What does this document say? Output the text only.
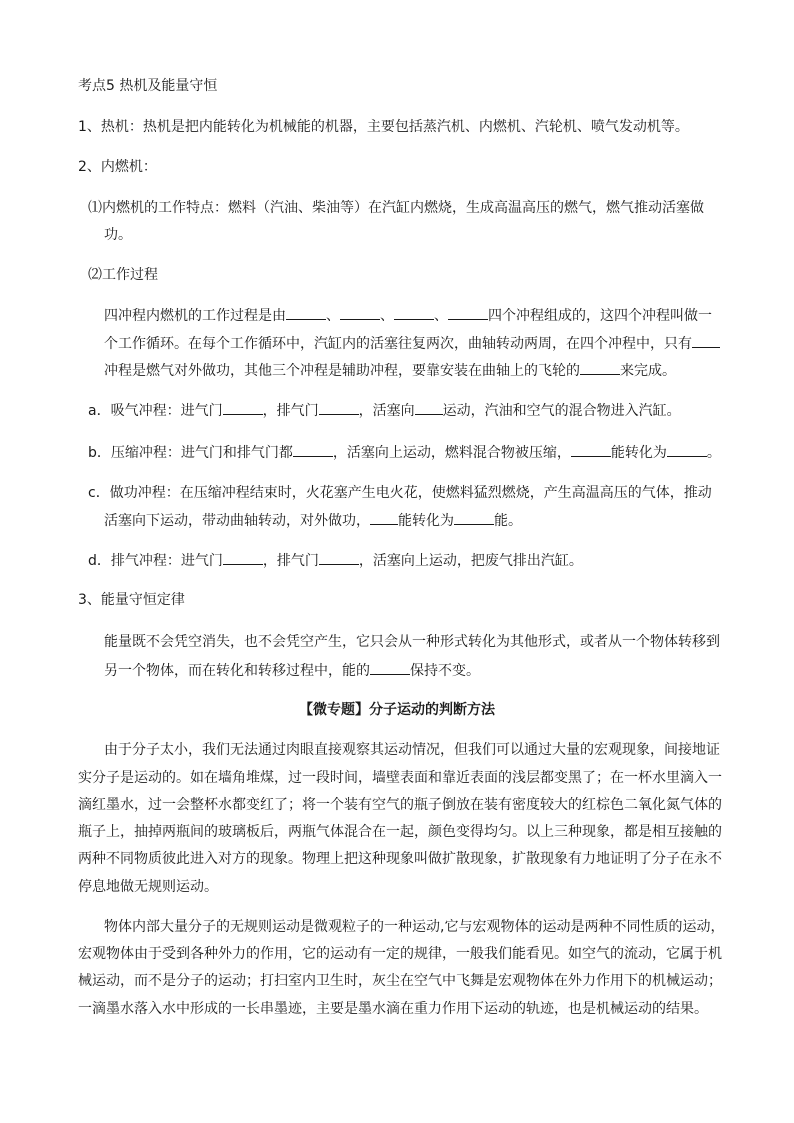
考点5 热机及能量守恒
1、热机：热机是把内能转化为机械能的机器，主要包括蒸汽机、内燃机、汽轮机、喷气发动机等。
2、内燃机：
⑴内燃机的工作特点：燃料（汽油、柴油等）在汽缸内燃烧，生成高温高压的燃气，燃气推动活塞做
功。
⑵工作过程
四冲程内燃机的工作过程是由	、	、	、	四个冲程组成的，这四个冲程叫做一
个工作循环。在每个工作循环中，汽缸内的活塞往复两次，曲轴转动两周，在四个冲程中，只有
冲程是燃气对外做功，其他三个冲程是辅助冲程，要靠安装在曲轴上的飞轮的	来完成。
a．吸气冲程：进气门	，排气门	，活塞向 运动，汽油和空气的混合物进入汽缸。
b．压缩冲程：进气门和排气门都	，活塞向上运动，燃料混合物被压缩，	能转化为	。
c．做功冲程：在压缩冲程结束时，火花塞产生电火花，使燃料猛烈燃烧，产生高温高压的气体，推动
活塞向下运动，带动曲轴转动，对外做功， 能转化为	能。
d．排气冲程：进气门	，排气门	，活塞向上运动，把废气排出汽缸。
3、能量守恒定律
能量既不会凭空消失，也不会凭空产生，它只会从一种形式转化为其他形式，或者从一个物体转移到
另一个物体，而在转化和转移过程中，能的	保持不变。
【微专题】分子运动的判断方法
由于分子太小，我们无法通过肉眼直接观察其运动情况，但我们可以通过大量的宏观现象，间接地证
实分子是运动的。如在墙角堆煤，过一段时间，墙壁表面和靠近表面的浅层都变黑了；在一杯水里滴入一
滴红墨水，过一会整杯水都变红了；将一个装有空气的瓶子倒放在装有密度较大的红棕色二氧化氮气体的
瓶子上，抽掉两瓶间的玻璃板后，两瓶气体混合在一起，颜色变得均匀。以上三种现象，都是相互接触的
两种不同物质彼此进入对方的现象。物理上把这种现象叫做扩散现象，扩散现象有力地证明了分子在永不
停息地做无规则运动。
物体内部大量分子的无规则运动是微观粒子的一种运动,它与宏观物体的运动是两种不同性质的运动，
宏观物体由于受到各种外力的作用，它的运动有一定的规律，一般我们能看见。如空气的流动，它属于机
械运动，而不是分子的运动；打扫室内卫生时，灰尘在空气中飞舞是宏观物体在外力作用下的机械运动；
一滴墨水落入水中形成的一长串墨迹，主要是墨水滴在重力作用下运动的轨迹，也是机械运动的结果。
